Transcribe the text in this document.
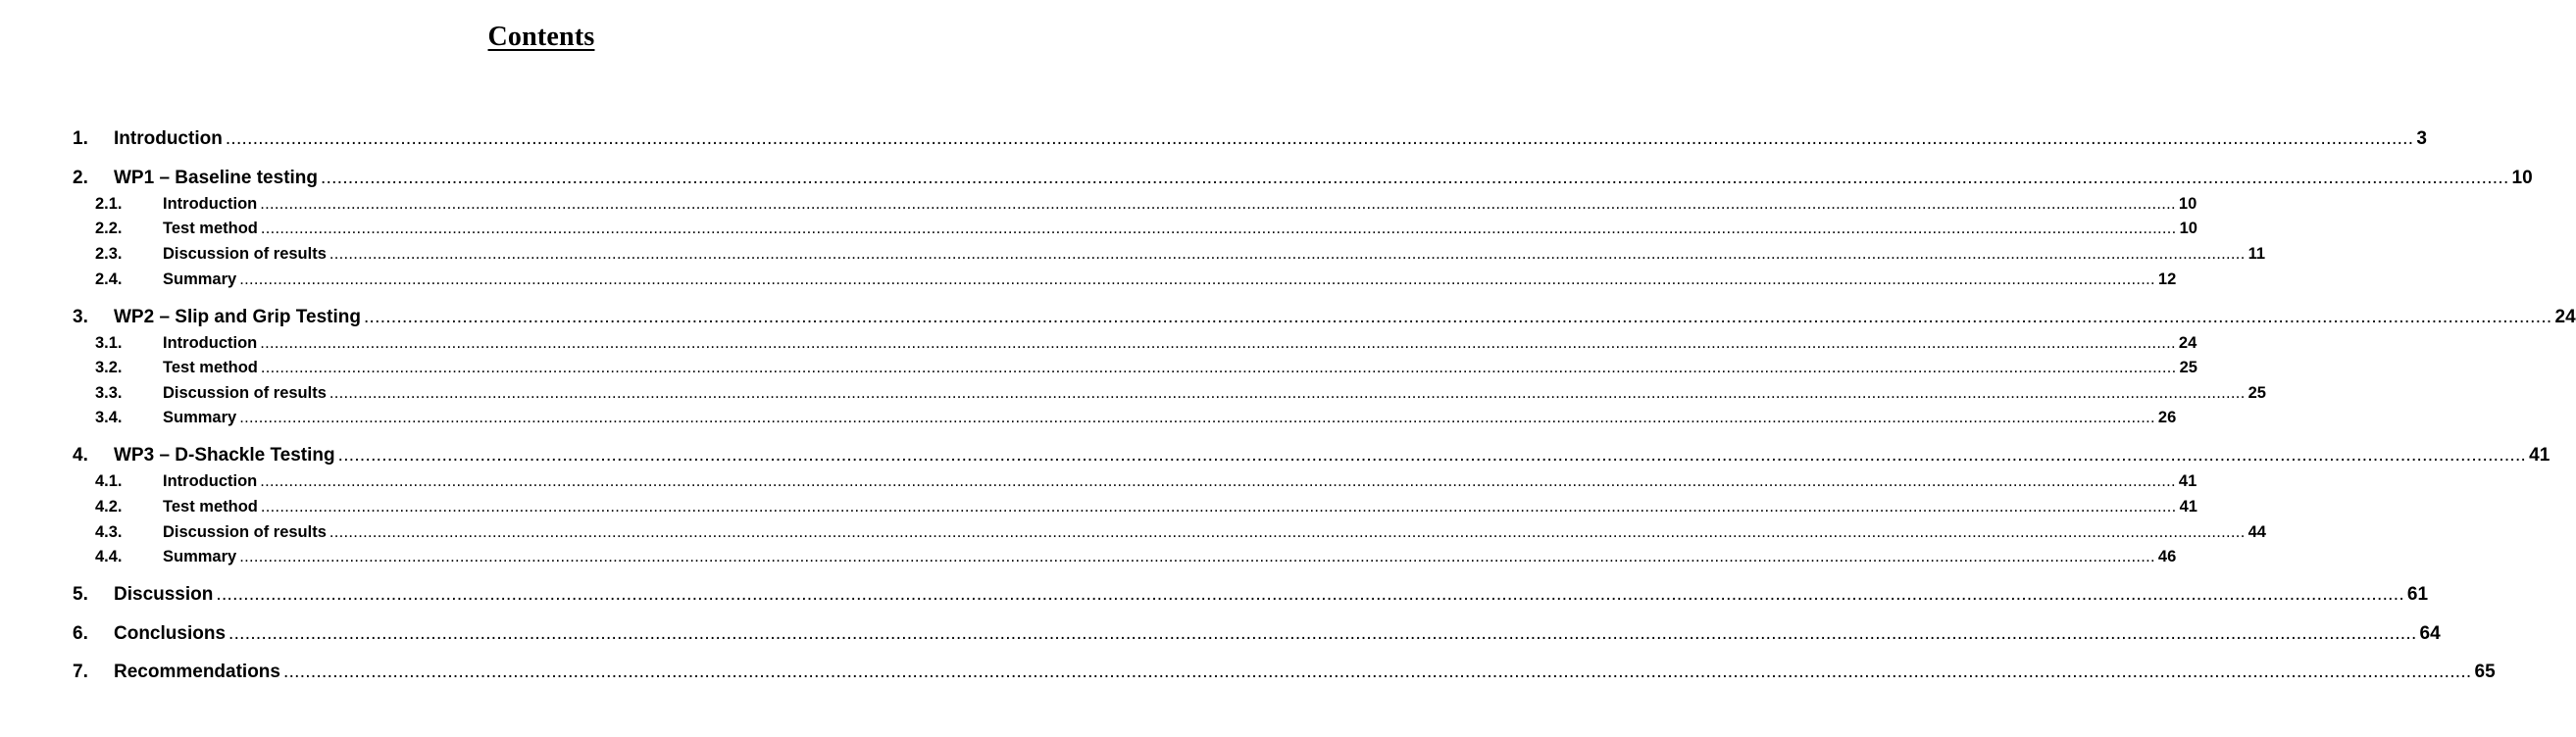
Contents
1.	Introduction ................................................................................................................................................................................................................................................................................................................................................................................................................ 3
2.	WP1 – Baseline testing ................................................................................................................................................................................................................................................................................................................................................................................................................ 10
2.1.	Introduction ................................................................................................................................................................................................................................................................................................................................................................................................................ 10
2.2.	Test method ................................................................................................................................................................................................................................................................................................................................................................................................................ 10
2.3.	Discussion of results ................................................................................................................................................................................................................................................................................................................................................................................................................ 11
2.4.	Summary ................................................................................................................................................................................................................................................................................................................................................................................................................ 12
3.	WP2 – Slip and Grip Testing ................................................................................................................................................................................................................................................................................................................................................................................................................ 24
3.1.	Introduction ................................................................................................................................................................................................................................................................................................................................................................................................................ 24
3.2.	Test method ................................................................................................................................................................................................................................................................................................................................................................................................................ 25
3.3.	Discussion of results ................................................................................................................................................................................................................................................................................................................................................................................................................ 25
3.4.	Summary ................................................................................................................................................................................................................................................................................................................................................................................................................ 26
4.	WP3 – D-Shackle Testing ................................................................................................................................................................................................................................................................................................................................................................................................................ 41
4.1.	Introduction ................................................................................................................................................................................................................................................................................................................................................................................................................ 41
4.2.	Test method ................................................................................................................................................................................................................................................................................................................................................................................................................ 41
4.3.	Discussion of results ................................................................................................................................................................................................................................................................................................................................................................................................................ 44
4.4.	Summary ................................................................................................................................................................................................................................................................................................................................................................................................................ 46
5.	Discussion ................................................................................................................................................................................................................................................................................................................................................................................................................ 61
6.	Conclusions ................................................................................................................................................................................................................................................................................................................................................................................................................ 64
7.	Recommendations ................................................................................................................................................................................................................................................................................................................................................................................................................ 65
